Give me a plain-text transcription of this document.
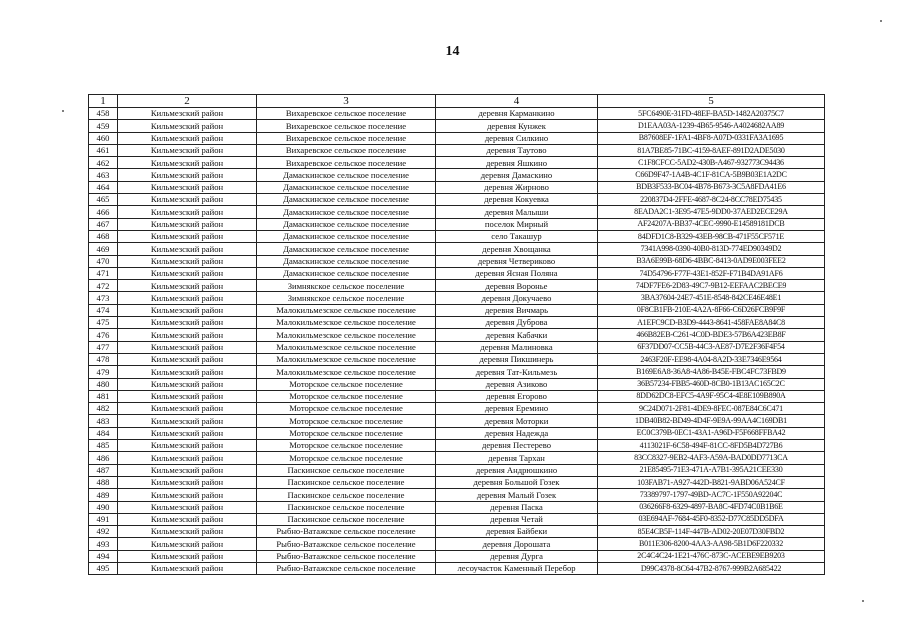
14
1	2	3	4	5
458	Кильмезский район	Вихаревское сельское поселение	деревня Карманкино	5FC6490E-31FD-48EF-BA5D-1482A20375C7
459	Кильмезский район	Вихаревское сельское поселение	деревня Кунжек	D1EAA03A-1239-4B65-9546-A4024682AA89
460	Кильмезский район	Вихаревское сельское поселение	деревня Силкино	B87608EF-1FA1-4BF8-A07D-0331FA3A1695
461	Кильмезский район	Вихаревское сельское поселение	деревня Таутово	81A7BE85-71BC-4159-8AEF-891D2ADE5030
462	Кильмезский район	Вихаревское сельское поселение	деревня Яшкино	C1F8CFCC-5AD2-430B-A467-932773C94436
463	Кильмезский район	Дамаскинское сельское поселение	деревня Дамаскино	C66D9F47-1A4B-4C1F-81CA-5B9B03E1A2DC
464	Кильмезский район	Дамаскинское сельское поселение	деревня Жирново	BDB3F533-BC04-4B78-B673-3C5A8FDA41E6
465	Кильмезский район	Дамаскинское сельское поселение	деревня Кокуевка	220837D4-2FFE-4687-8C24-8CC78ED75435
466	Кильмезский район	Дамаскинское сельское поселение	деревня Малыши	8EADA2C1-3E95-47E5-9DD0-37AED2ECE29A
467	Кильмезский район	Дамаскинское сельское поселение	поселок Мирный	AF24207A-BB37-4CEC-9990-E14589181DCB
468	Кильмезский район	Дамаскинское сельское поселение	село Такашур	84DFD1C8-B329-43EB-98CB-471F55CF571E
469	Кильмезский район	Дамаскинское сельское поселение	деревня Хвощанка	7341A998-0390-40B0-813D-774ED90349D2
470	Кильмезский район	Дамаскинское сельское поселение	деревня Четвериково	B3A6E99B-68D6-4BBC-8413-0AD9E003FEE2
471	Кильмезский район	Дамаскинское сельское поселение	деревня Ясная Поляна	74D54796-F77F-43E1-852F-F71B4DA91AF6
472	Кильмезский район	Зимнякское сельское поселение	деревня Воронье	74DF7FE6-2D83-49C7-9B12-EEFAAC2BECE9
473	Кильмезский район	Зимнякское сельское поселение	деревня Докучаево	3BA37604-24E7-451E-8548-842CE46E48E1
474	Кильмезский район	Малокильмезское сельское поселение	деревня Вичмарь	0F8CB1FB-210E-4A2A-8F66-C6D26FCB9F9F
475	Кильмезский район	Малокильмезское сельское поселение	деревня Дуброва	A1EFC9CD-B3D9-4443-8641-458FAE8A84C8
476	Кильмезский район	Малокильмезское сельское поселение	деревня Кабачки	466B82EB-C261-4C0D-BDE3-57B6A423EB8F
477	Кильмезский район	Малокильмезское сельское поселение	деревня Малиновка	6F37DD07-CC5B-44C3-AE87-D7E2F36F4F54
478	Кильмезский район	Малокильмезское сельское поселение	деревня Пикшинерь	2463F20F-EE98-4A04-8A2D-33E7346E9564
479	Кильмезский район	Малокильмезское сельское поселение	деревня Тат-Кильмезь	B169E6A8-36A8-4A86-B45E-FBC4FC73FBD9
480	Кильмезский район	Моторское сельское поселение	деревня Азиково	36B57234-FBB5-460D-8CB0-1B13AC165C2C
481	Кильмезский район	Моторское сельское поселение	деревня Егорово	8DD62DC8-EFC5-4A9F-95C4-4E8E109B890A
482	Кильмезский район	Моторское сельское поселение	деревня Еремино	9C24D071-2F81-4DE9-8FEC-087E84C6C471
483	Кильмезский район	Моторское сельское поселение	деревня Моторки	1DB40B82-BD49-4D4F-9E9A-99AA4C169DB1
484	Кильмезский район	Моторское сельское поселение	деревня Надежда	EC0C379B-0EC1-43A1-A96D-F5F668FFBA42
485	Кильмезский район	Моторское сельское поселение	деревня Пестерево	4113021F-6C58-494F-81CC-8FD5B4D727B6
486	Кильмезский район	Моторское сельское поселение	деревня Тархан	83CC8327-9EB2-4AF3-A59A-BAD0DD7713CA
487	Кильмезский район	Паскинское сельское поселение	деревня Андрюшкино	21E85495-71E3-471A-A7B1-395A21CEE330
488	Кильмезский район	Паскинское сельское поселение	деревня Большой Гозек	103FAB71-A927-442D-B821-9ABD06A524CF
489	Кильмезский район	Паскинское сельское поселение	деревня Малый Гозек	73389797-1797-49BD-AC7C-1F550A92204C
490	Кильмезский район	Паскинское сельское поселение	деревня Паска	036266F8-6329-4897-BA8C-4FD74C0B1B6E
491	Кильмезский район	Паскинское сельское поселение	деревня Четай	03E694AF-7684-45F0-8352-D77C85DD5DFA
492	Кильмезский район	Рыбно-Ватажское сельское поселение	деревня Байбеки	85E4CB5F-114F-447B-AD02-20E07D30FBD2
493	Кильмезский район	Рыбно-Ватажское сельское поселение	деревня Дорошата	B011E306-8200-4AA3-AA98-5B1D6F220332
494	Кильмезский район	Рыбно-Ватажское сельское поселение	деревня Дурга	2C4C4C24-1E21-476C-873C-ACEBE9EB9203
495	Кильмезский район	Рыбно-Ватажское сельское поселение	лесоучасток Каменный Перебор	D99C4378-8C64-47B2-8767-999B2A685422
